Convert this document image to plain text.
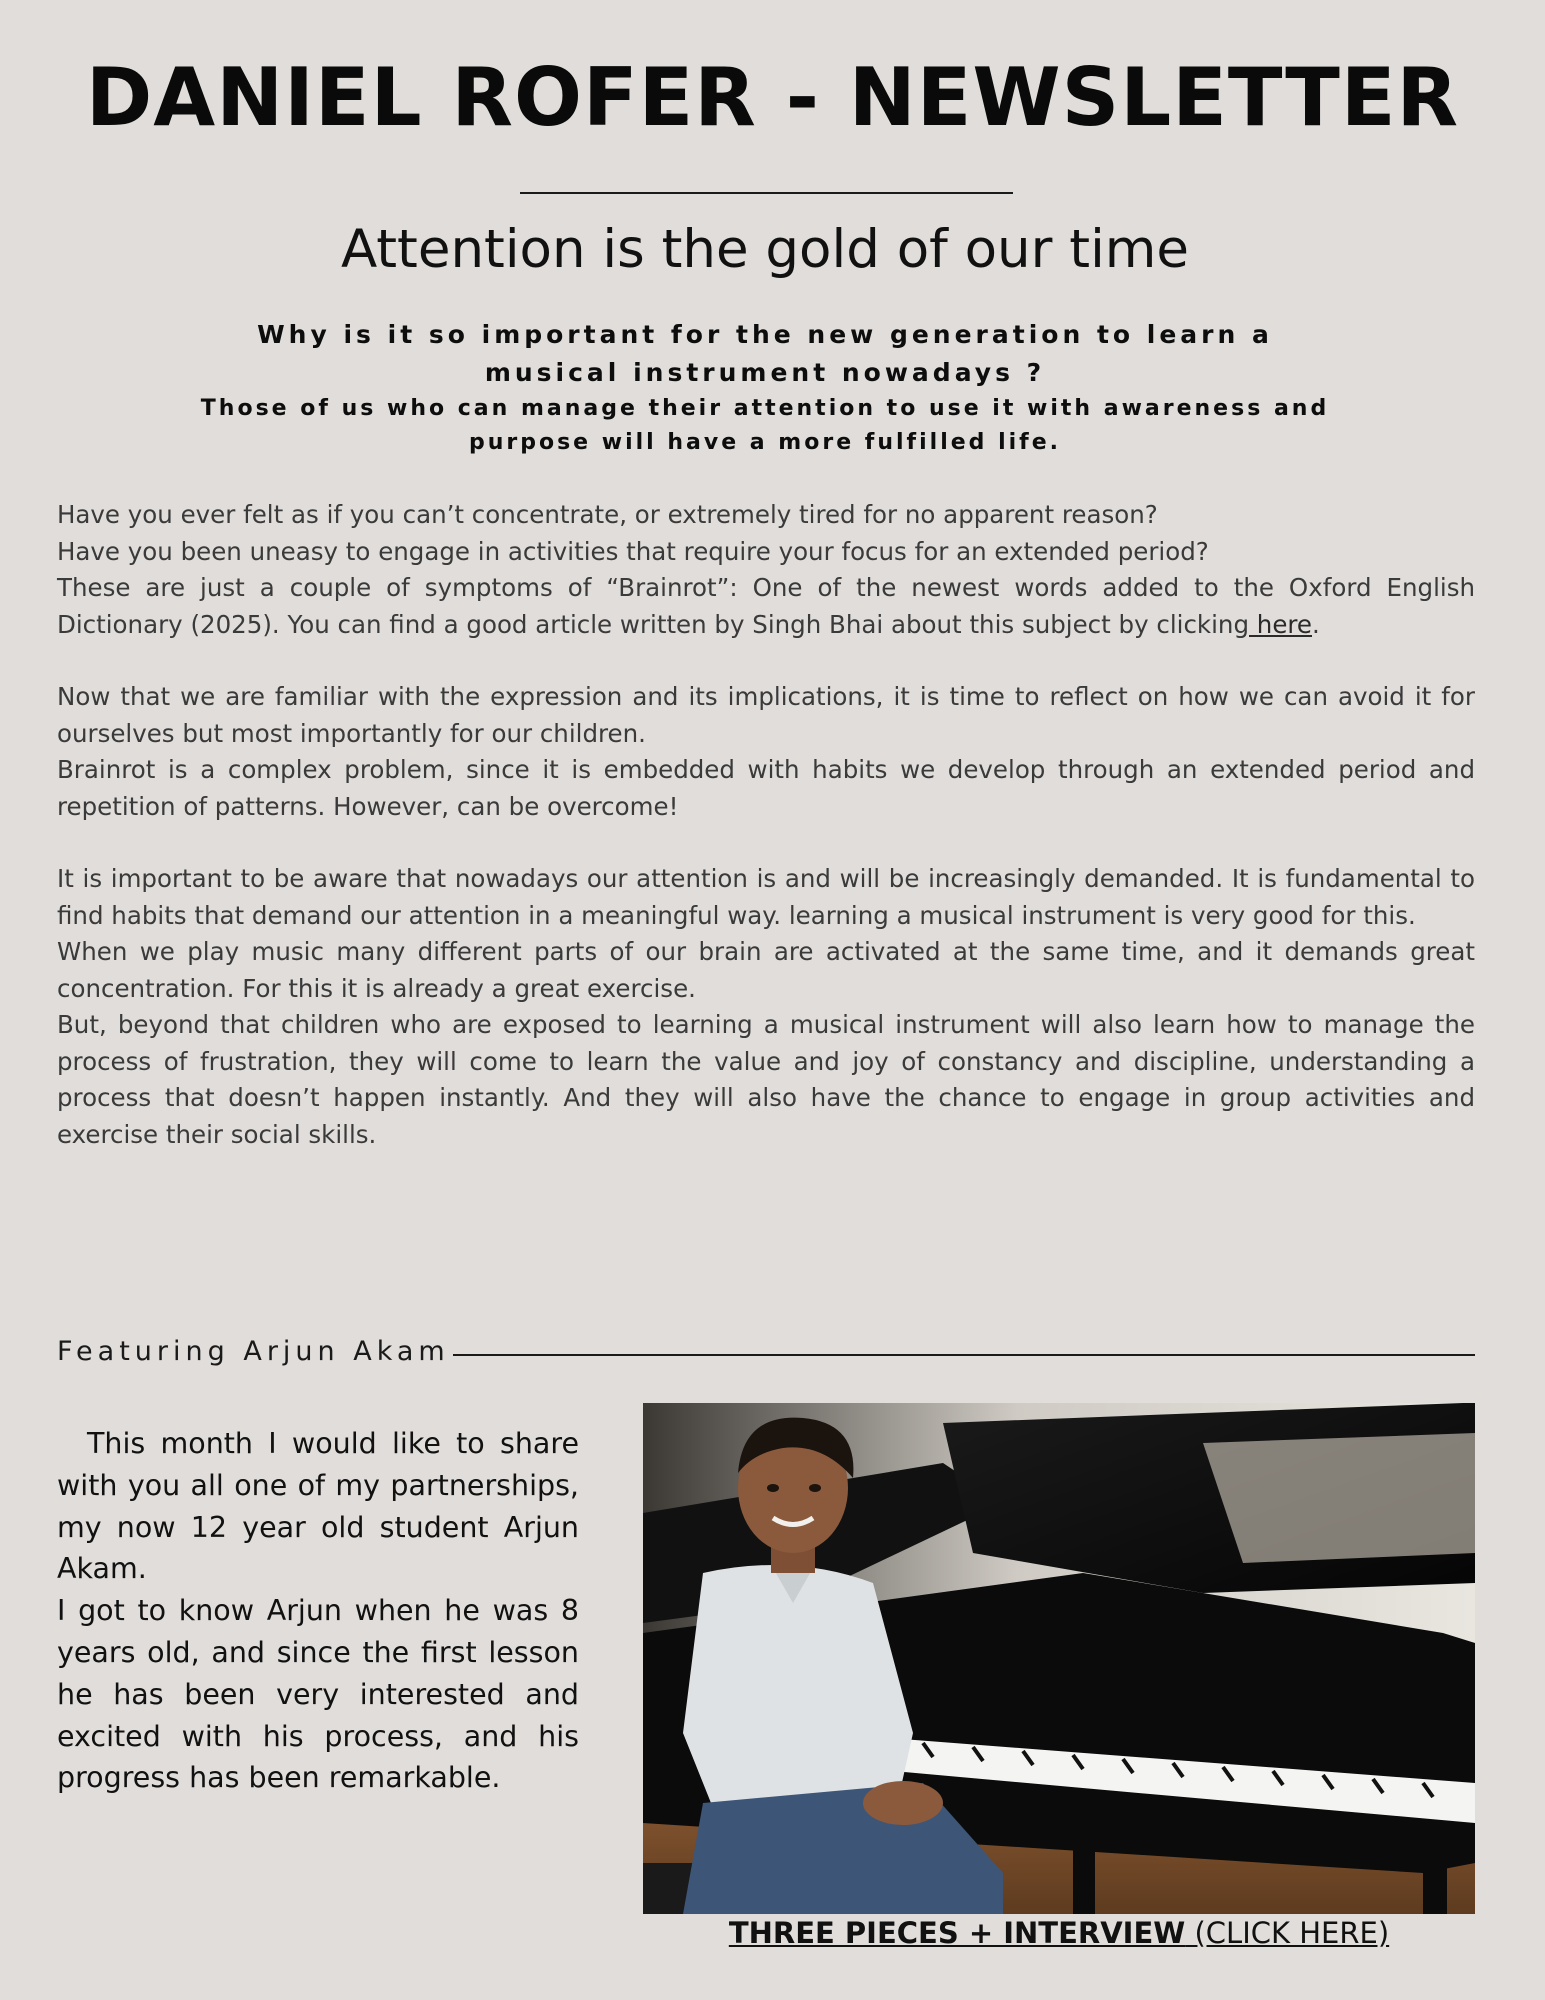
DANIEL ROFER - NEWSLETTER
Attention is the gold of our time
Why is it so important for the new generation to learn a musical instrument nowadays ?
Those of us who can manage their attention to use it with awareness and purpose will have a more fulfilled life.

Have you ever felt as if you can’t concentrate, or extremely tired for no apparent reason?
Have you been uneasy to engage in activities that require your focus for an extended period?
These are just a couple of symptoms of “Brainrot”: One of the newest words added to the Oxford English Dictionary (2025). You can find a good article written by Singh Bhai about this subject by clicking here.

Now that we are familiar with the expression and its implications, it is time to reflect on how we can avoid it for ourselves but most importantly for our children.
Brainrot is a complex problem, since it is embedded with habits we develop through an extended period and repetition of patterns. However, can be overcome!

It is important to be aware that nowadays our attention is and will be increasingly demanded. It is fundamental to find habits that demand our attention in a meaningful way. learning a musical instrument is very good for this.
When we play music many different parts of our brain are activated at the same time, and it demands great concentration. For this it is already a great exercise.
But, beyond that children who are exposed to learning a musical instrument will also learn how to manage the process of frustration, they will come to learn the value and joy of constancy and discipline, understanding a process that doesn’t happen instantly. And they will also have the chance to engage in group activities and exercise their social skills.

Featuring Arjun Akam

This month I would like to share with you all one of my partnerships, my now 12 year old student Arjun Akam.

I got to know Arjun when he was 8 years old, and since the first lesson he has been very interested and excited with his process, and his progress has been remarkable.

THREE PIECES + INTERVIEW (CLICK HERE)
